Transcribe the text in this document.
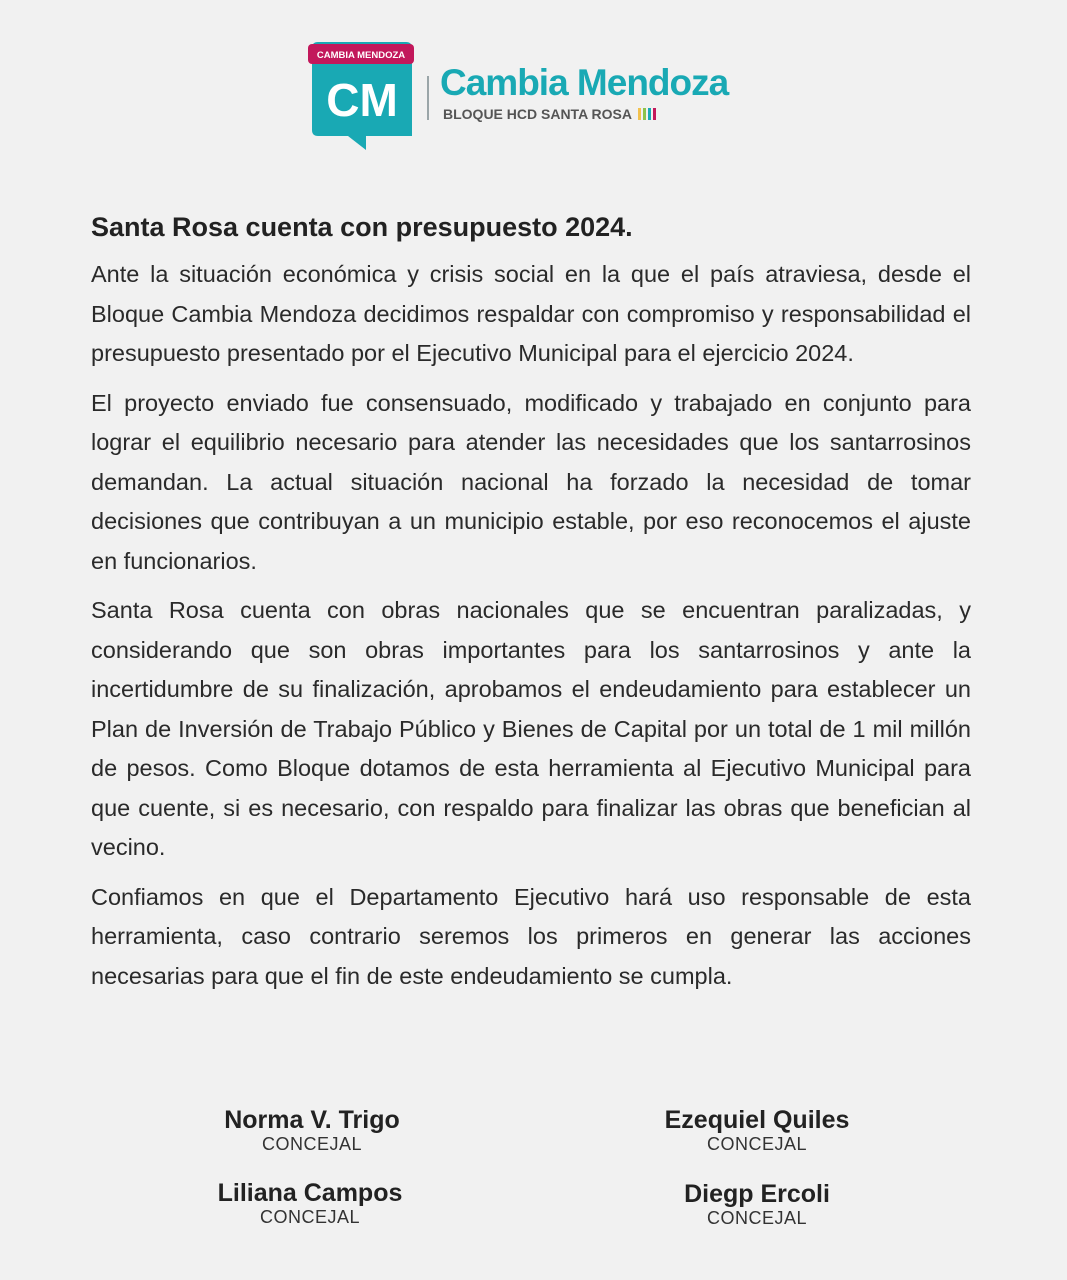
CAMBIA MENDOZA
CM Cambia Mendoza
BLOQUE HCD SANTA ROSA
Santa Rosa cuenta con presupuesto 2024.

Ante la situación económica y crisis social en la que el país atraviesa, desde el Bloque Cambia Mendoza decidimos respaldar con compromiso y responsabilidad el presupuesto presentado por el Ejecutivo Municipal para el ejercicio 2024.

El proyecto enviado fue consensuado, modificado y trabajado en conjunto para lograr el equilibrio necesario para atender las necesidades que los santarrosinos demandan. La actual situación nacional ha forzado la necesidad de tomar decisiones que contribuyan a un municipio estable, por eso reconocemos el ajuste en funcionarios.

Santa Rosa cuenta con obras nacionales que se encuentran paralizadas, y considerando que son obras importantes para los santarrosinos y ante la incertidumbre de su finalización, aprobamos el endeudamiento para establecer un Plan de Inversión de Trabajo Público y Bienes de Capital por un total de 1 mil millón de pesos. Como Bloque dotamos de esta herramienta al Ejecutivo Municipal para que cuente, si es necesario, con respaldo para finalizar las obras que benefician al vecino.

Confiamos en que el Departamento Ejecutivo hará uso responsable de esta herramienta, caso contrario seremos los primeros en generar las acciones necesarias para que el fin de este endeudamiento se cumpla.

Norma V. Trigo
CONCEJAL
Ezequiel Quiles
CONCEJAL
Liliana Campos
CONCEJAL
Diegp Ercoli
CONCEJAL
